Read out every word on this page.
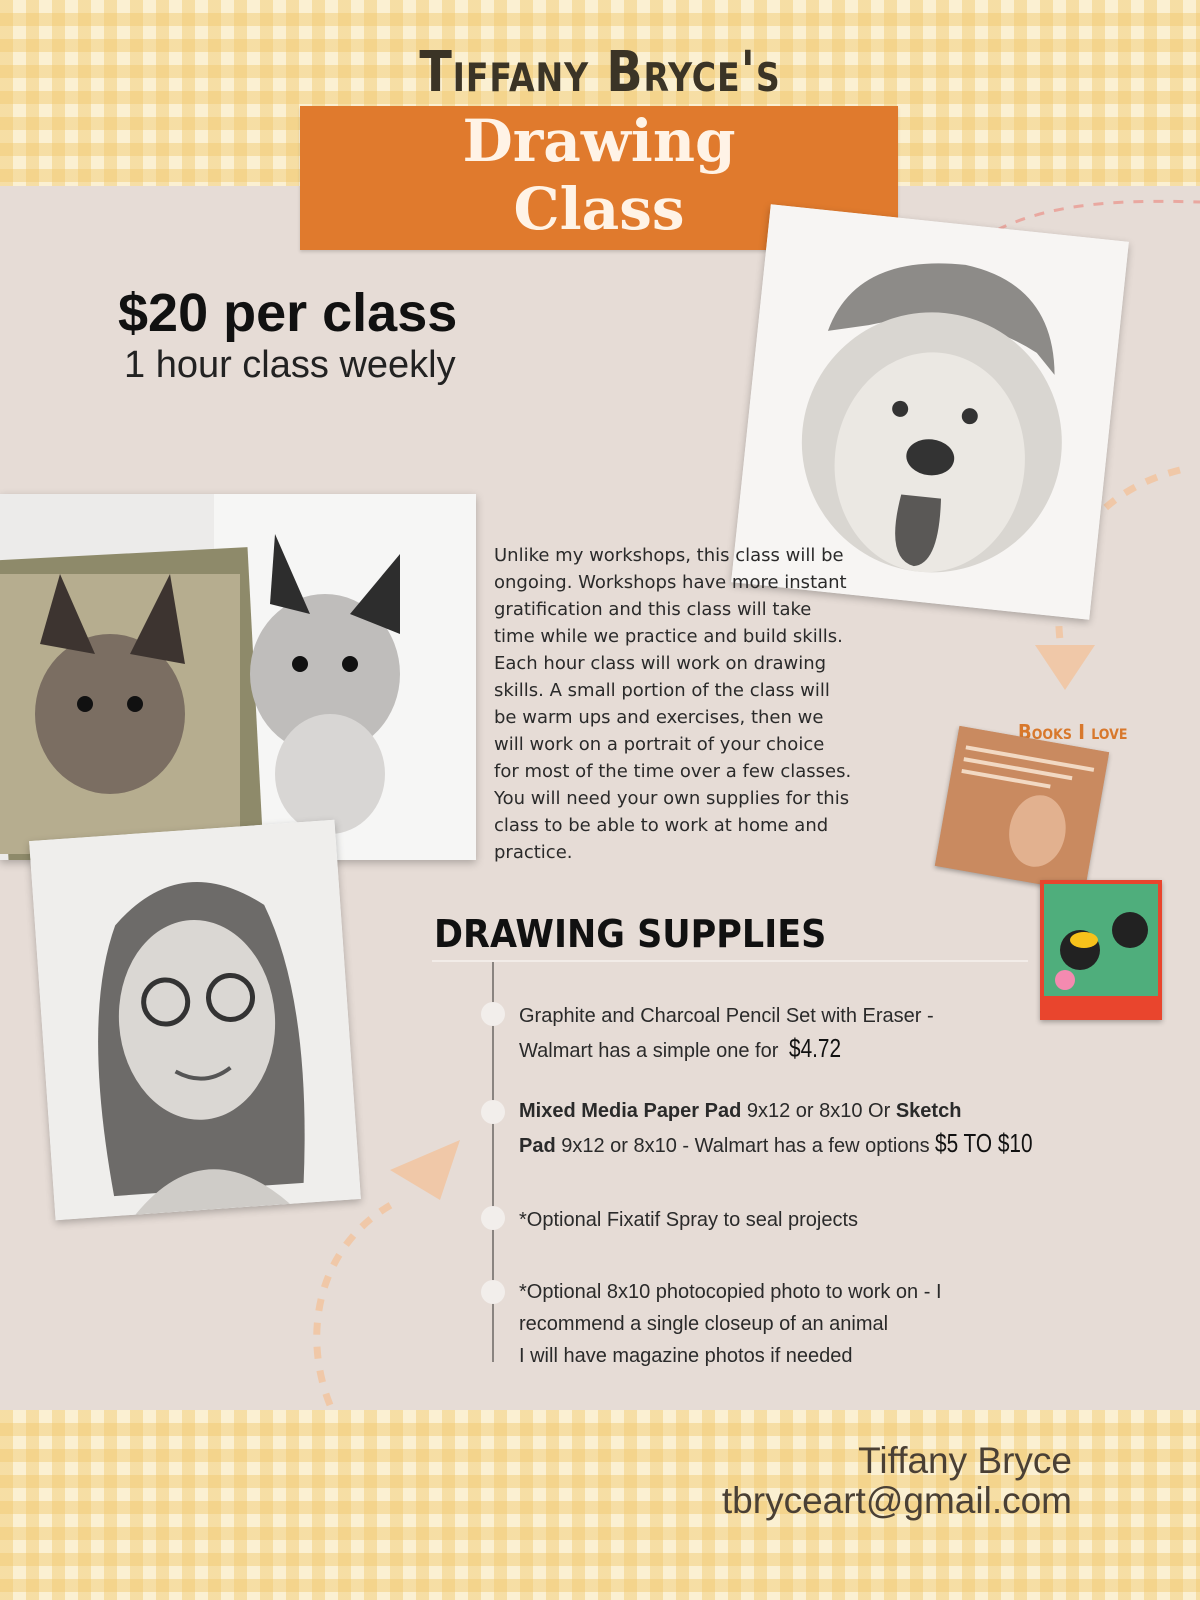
Tiffany Bryce's
Drawing
Class
$20 per class
1 hour class weekly

Unlike my workshops, this class will be ongoing. Workshops have more instant gratification and this class will take time while we practice and build skills. Each hour class will work on drawing skills. A small portion of the class will be warm ups and exercises, then we will work on a portrait of your choice for most of the time over a few classes. You will need your own supplies for this class to be able to work at home and practice.

Books I love
DRAWING SUPPLIES
Graphite and Charcoal Pencil Set with Eraser -
Walmart has a simple one for $4.72
Mixed Media Paper Pad 9x12 or 8x10 Or Sketch
Pad 9x12 or 8x10 - Walmart has a few options $5 TO $10
*Optional Fixatif Spray to seal projects
*Optional 8x10 photocopied photo to work on - I
recommend a single closeup of an animal
I will have magazine photos if needed
Tiffany Bryce
tbryceart@gmail.com
